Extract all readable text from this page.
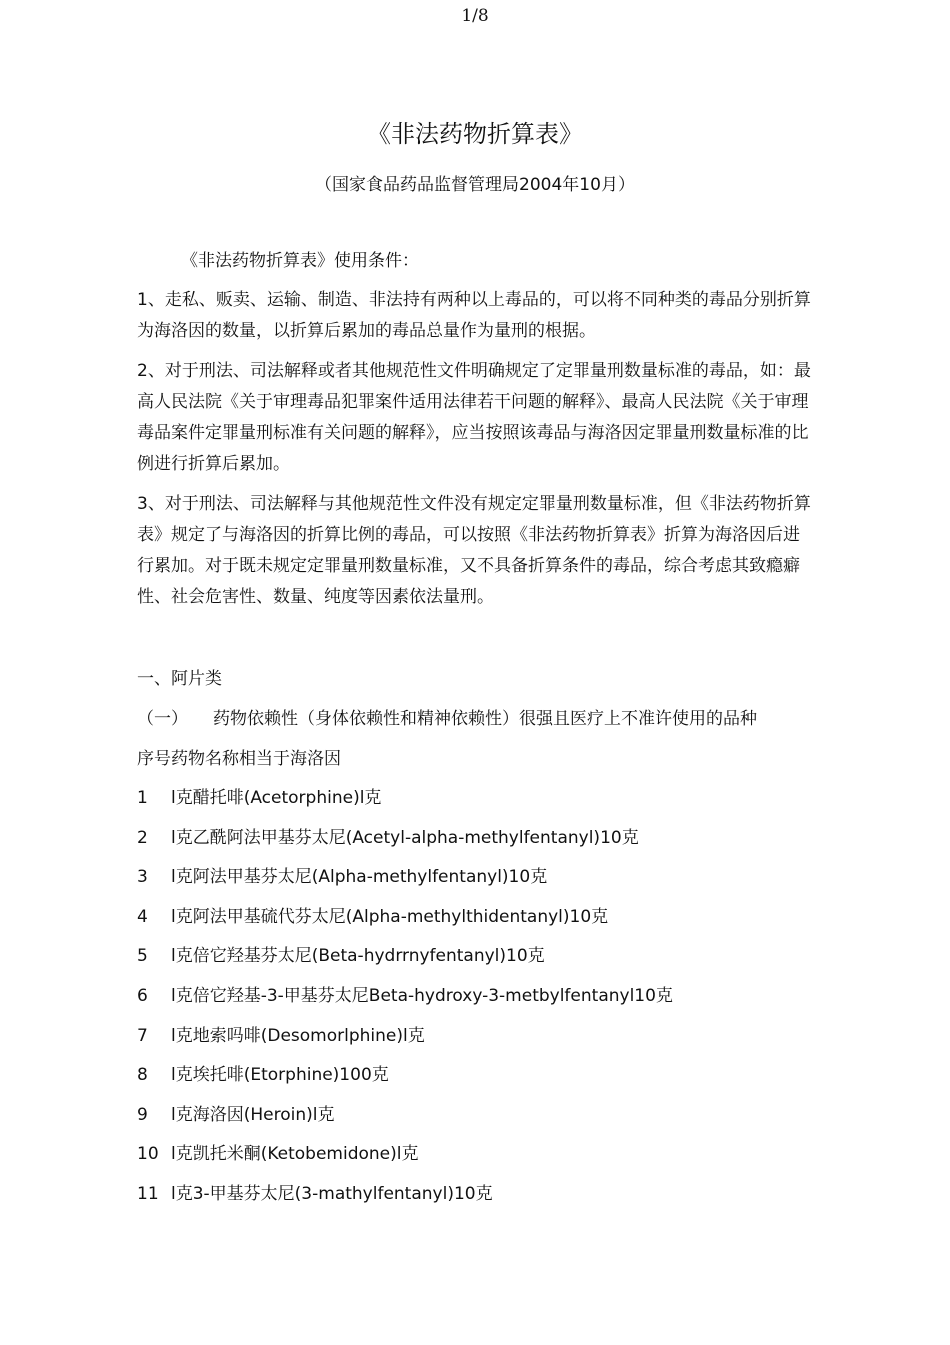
1/8
《非法药物折算表》
（国家食品药品监督管理局2004年10月）

《非法药物折算表》使用条件：

1、走私、贩卖、运输、制造、非法持有两种以上毒品的，可以将不同种类的毒品分别折算为海洛因的数量，以折算后累加的毒品总量作为量刑的根据。

2、对于刑法、司法解释或者其他规范性文件明确规定了定罪量刑数量标准的毒品，如：最高人民法院《关于审理毒品犯罪案件适用法律若干问题的解释》、最高人民法院《关于审理毒品案件定罪量刑标准有关问题的解释》，应当按照该毒品与海洛因定罪量刑数量标准的比例进行折算后累加。

3、对于刑法、司法解释与其他规范性文件没有规定定罪量刑数量标准，但《非法药物折算表》规定了与海洛因的折算比例的毒品，可以按照《非法药物折算表》折算为海洛因后进行累加。对于既未规定定罪量刑数量标准，又不具备折算条件的毒品，综合考虑其致瘾癖性、社会危害性、数量、纯度等因素依法量刑。

一、阿片类

（一） 药物依赖性（身体依赖性和精神依赖性）很强且医疗上不准许使用的品种

序号药物名称相当于海洛因

1 l克醋托啡(Acetorphine)l克
2 l克乙酰阿法甲基芬太尼(Acetyl-alpha-methylfentanyl)10克
3 l克阿法甲基芬太尼(Alpha-methylfentanyl)10克
4 l克阿法甲基硫代芬太尼(Alpha-methylthidentanyl)10克
5 l克倍它羟基芬太尼(Beta-hydrrnyfentanyl)10克
6 l克倍它羟基-3-甲基芬太尼Beta-hydroxy-3-metbylfentanyl10克
7 l克地索吗啡(Desomorlphine)l克
8 l克埃托啡(Etorphine)100克
9 l克海洛因(Heroin)l克
10 l克凯托米酮(Ketobemidone)l克
11 l克3-甲基芬太尼(3-mathylfentanyl)10克
